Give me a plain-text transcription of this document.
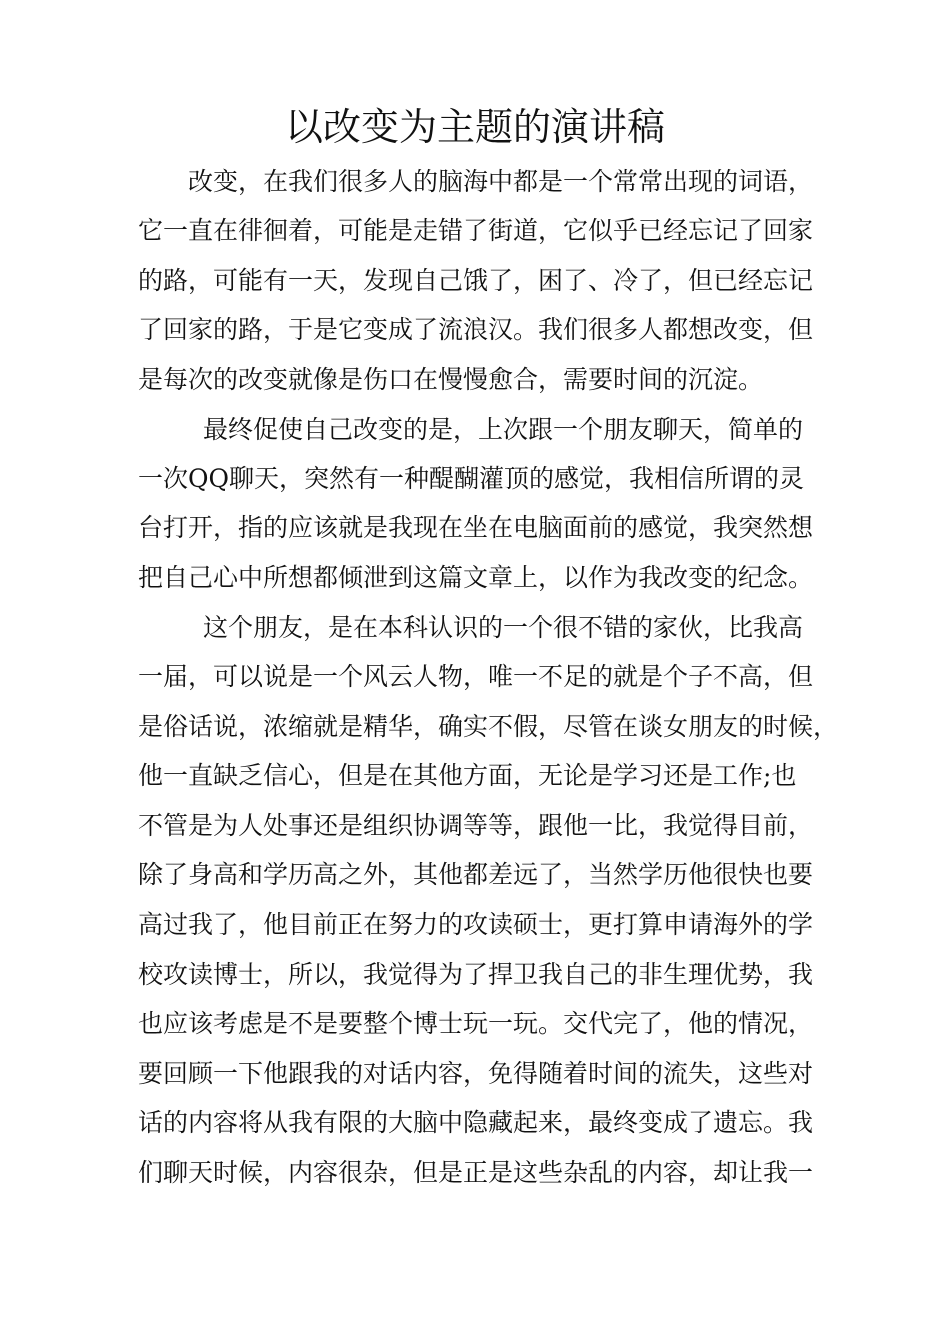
以改变为主题的演讲稿
改变，在我们很多人的脑海中都是一个常常出现的词语，
它一直在徘徊着，可能是走错了街道，它似乎已经忘记了回家
的路，可能有一天，发现自己饿了，困了、冷了，但已经忘记
了回家的路，于是它变成了流浪汉。我们很多人都想改变，但
是每次的改变就像是伤口在慢慢愈合，需要时间的沉淀。
最终促使自己改变的是，上次跟一个朋友聊天，简单的
一次QQ聊天，突然有一种醍醐灌顶的感觉，我相信所谓的灵
台打开，指的应该就是我现在坐在电脑面前的感觉，我突然想
把自己心中所想都倾泄到这篇文章上，以作为我改变的纪念。
这个朋友，是在本科认识的一个很不错的家伙，比我高
一届，可以说是一个风云人物，唯一不足的就是个子不高，但
是俗话说，浓缩就是精华，确实不假，尽管在谈女朋友的时候，
他一直缺乏信心，但是在其他方面，无论是学习还是工作;也
不管是为人处事还是组织协调等等，跟他一比，我觉得目前，
除了身高和学历高之外，其他都差远了，当然学历他很快也要
高过我了，他目前正在努力的攻读硕士，更打算申请海外的学
校攻读博士，所以，我觉得为了捍卫我自己的非生理优势，我
也应该考虑是不是要整个博士玩一玩。交代完了，他的情况，
要回顾一下他跟我的对话内容，免得随着时间的流失，这些对
话的内容将从我有限的大脑中隐藏起来，最终变成了遗忘。我
们聊天时候，内容很杂，但是正是这些杂乱的内容，却让我一
